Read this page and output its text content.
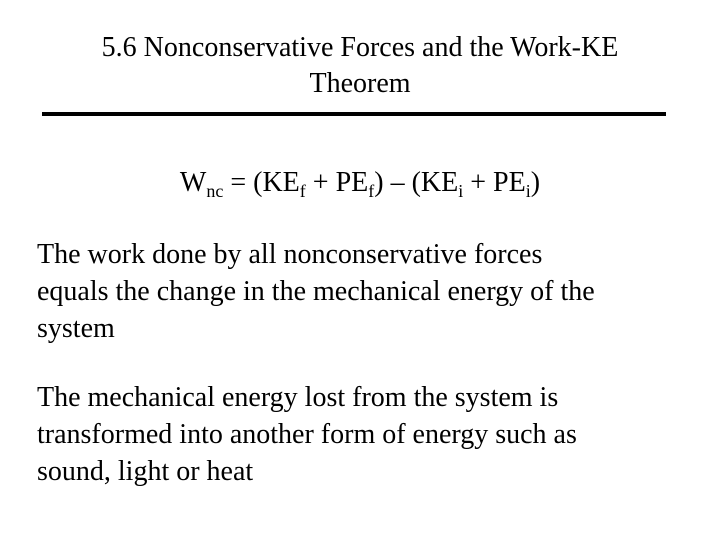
5.6 Nonconservative Forces and the Work-KE
Theorem
$W_{nc} = (KE_f + PE_f) - (KE_i + PE_i)$
The work done by all nonconservative forces
equals the change in the mechanical energy of the
system
The mechanical energy lost from the system is
transformed into another form of energy such as
sound, light or heat
